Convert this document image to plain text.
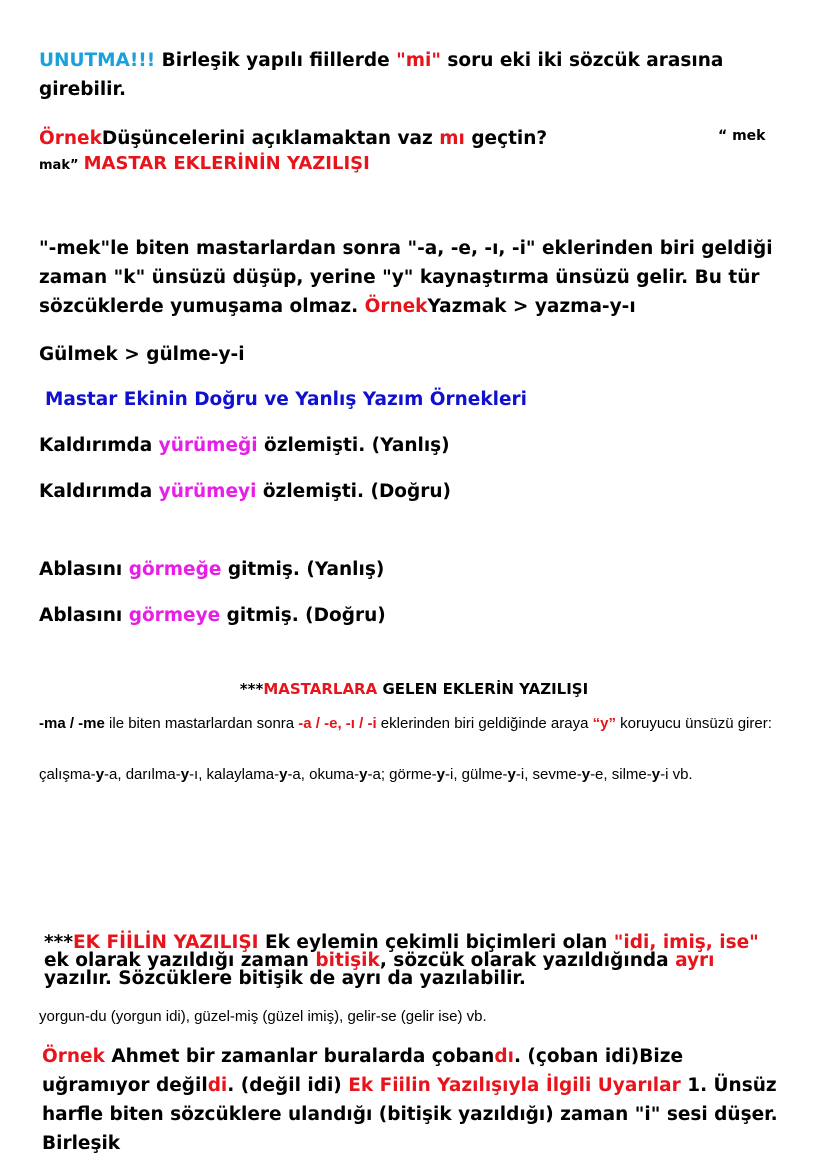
UNUTMA!!! Birleşik yapılı fiillerde "mi" soru eki iki sözcük arasına girebilir.
ÖrnekDüşüncelerini açıklamaktan vaz mı geçtin?	“ mek
mak” MASTAR EKLERİNİN YAZILIŞI
"-mek"le biten mastarlardan sonra "-a, -e, -ı, -i" eklerinden biri geldiği zaman "k" ünsüzü düşüp, yerine "y" kaynaştırma ünsüzü gelir. Bu tür sözcüklerde yumuşama olmaz. ÖrnekYazmak > yazma-y-ı
Gülmek > gülme-y-i
Mastar Ekinin Doğru ve Yanlış Yazım Örnekleri
Kaldırımda yürümeği özlemişti. (Yanlış)
Kaldırımda yürümeyi özlemişti. (Doğru)
Ablasını görmeğe gitmiş. (Yanlış)
Ablasını görmeye gitmiş. (Doğru)
***MASTARLARA GELEN EKLERİN YAZILIŞI
-ma / -me ile biten mastarlardan sonra -a / -e, -ı / -i eklerinden biri geldiğinde araya “y” koruyucu ünsüzü girer:
çalışma-y-a, darılma-y-ı, kalaylama-y-a, okuma-y-a; görme-y-i, gülme-y-i, sevme-y-e, silme-y-i vb.
***EK FİİLİN YAZILIŞI Ek eylemin çekimli biçimleri olan "idi, imiş, ise" ek olarak yazıldığı zaman bitişik, sözcük olarak yazıldığında ayrı yazılır. Sözcüklere bitişik de ayrı da yazılabilir.
yorgun-du (yorgun idi), güzel-miş (güzel imiş), gelir-se (gelir ise) vb.
Örnek Ahmet bir zamanlar buralarda çobandı. (çoban idi)Bize uğramıyor değildi. (değil idi) Ek Fiilin Yazılışıyla İlgili Uyarılar 1. Ünsüz harfle biten sözcüklere ulandığı (bitişik yazıldığı) zaman "i" sesi düşer. Birleşik
